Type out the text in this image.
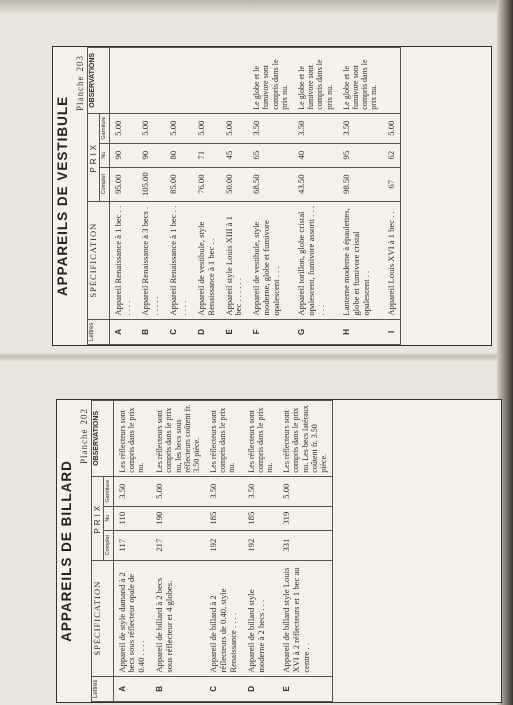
APPAREILS DE VESTIBULE
Planche203
Lettres	SPÉCIFICATION	PRIX			OBSERVATIONS
		Complet	Nu	Garniture	
A	Appareil Renaissance à 1 bec . . . . . .	95.00	90	5.00	
B	Appareil Renaissance à 3 becs . . . . . .	105.00	90	5.00	
C	Appareil Renaissance à 1 bec . . . . . .	85.00	80	5.00	
D	Appareil de vestibule, style Renaissance à 1 bec . .	76.00	71	5.00	
E	Appareil style Louis XIII à 1 bec . . . . . .	50.00	45	5.00	
F	Appareil de vestibule, style moderne, globe et fumivore opalescent . . .	68.50	65	3.50	Le globe et le fumivore sont compris dans le prix nu.
G	Appareil torillon, globe cristal opalescent, fumivore assorti . . . . . .	43.50	40	3.50	Le globe et le fumivore sont compris dans le prix nu.
H	Lanterne moderne à épaulettes, globe et fumivore cristal opalescent . .	98.50	95	3.50	Le globe et le fumivore sont compris dans le prix nu.
I	Appareil Louis XVI à 1 bec . .	67	62	5.00	
APPAREILS DE BILLARD
Planche202
Lettres	SPÉCIFICATION	PRIX			OBSERVATIONS
		Complet	Nu	Garniture	
A	Appareil de style damand à 2 becs sous réflecteur opale de 0.40 . . . .	117	110	3.50	Les réflecteurs sont compris dans le prix nu.
B	Appareil de billard à 2 becs sous réflecteur et 4 globes.	217	190	5.00	Les réflecteurs sont compris dans le prix nu, les becs sous réflecteurs coûtent fr. 3.50 pièce.
C	Appareil de billard à 2 réflecteurs de 0.40, style Renaissance . . . .	192	185	3.50	Les réflecteurs sont compris dans le prix nu.
D	Appareil de billard style moderne à 2 becs . . .	192	185	3.50	Les réflecteurs sont compris dans le prix nu.
E	Appareil de billard style Louis XVI à 2 réflecteurs et 1 bec au centre . .	331	319	5.00	Les réflecteurs sont compris dans le prix nu. Les becs latéraux coûtent fr. 3.50 pièce.
